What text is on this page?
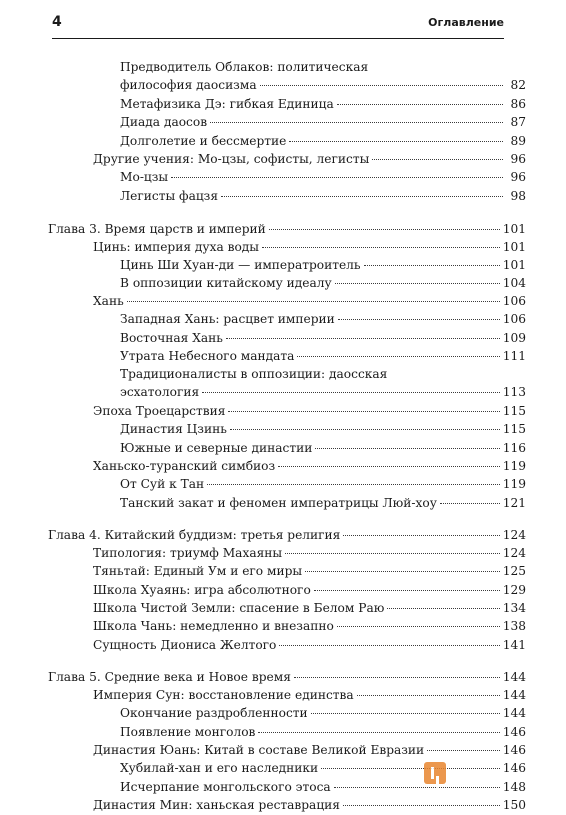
4	Оглавление
Предводитель Облаков: политическая
философия даосизма	82
Метафизика Дэ: гибкая Единица	86
Диада даосов	87
Долголетие и бессмертие	89
Другие учения: Мо-цзы, софисты, легисты	96
Мо-цзы	96
Легисты фацзя	98
Глава 3. Время царств и империй	101
Цинь: империя духа воды	101
Цинь Ши Хуан-ди — императроитель	101
В оппозиции китайскому идеалу	104
Хань	106
Западная Хань: расцвет империи	106
Восточная Хань	109
Утрата Небесного мандата	111
Традиционалисты в оппозиции: даосская
эсхатология	113
Эпоха Троецарствия	115
Династия Цзинь	115
Южные и северные династии	116
Ханьско-туранский симбиоз	119
От Суй к Тан	119
Танский закат и феномен императрицы Люй-хоу	121
Глава 4. Китайский буддизм: третья религия	124
Типология: триумф Махаяны	124
Тяньтай: Единый Ум и его миры	125
Школа Хуаянь: игра абсолютного	129
Школа Чистой Земли: спасение в Белом Раю	134
Школа Чань: немедленно и внезапно	138
Сущность Диониса Желтого	141
Глава 5. Средние века и Новое время	144
Империя Сун: восстановление единства	144
Окончание раздробленности	144
Появление монголов	146
Династия Юань: Китай в составе Великой Евразии	146
Хубилай-хан и его наследники	146
Исчерпание монгольского этоса	148
Династия Мин: ханьская реставрация	150
